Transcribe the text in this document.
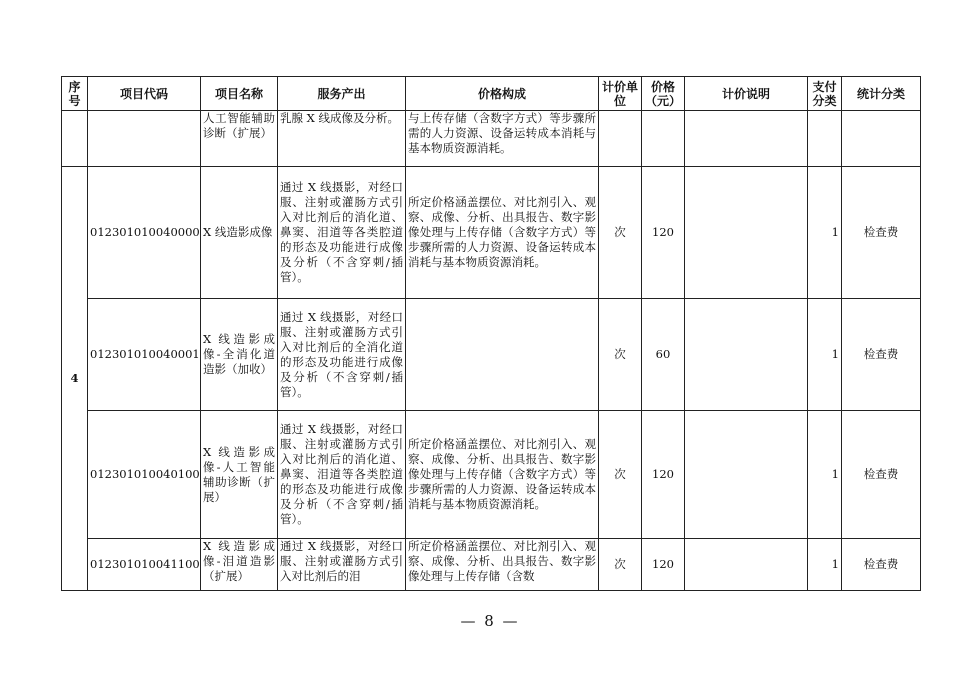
序号	项目代码	项目名称	服务产出	价格构成	计价单位	价格（元）	计价说明	支付分类	统计分类
		人工智能辅助诊断（扩展）	乳腺 X 线成像及分析。	与上传存储（含数字方式）等步骤所需的人力资源、设备运转成本消耗与基本物质资源消耗。					
4	012301010040000	X 线造影成像	通过 X 线摄影，对经口服、注射或灌肠方式引入对比剂后的消化道、鼻窦、泪道等各类腔道的形态及功能进行成像及分析（不含穿刺/插管）。	所定价格涵盖摆位、对比剂引入、观察、成像、分析、出具报告、数字影像处理与上传存储（含数字方式）等步骤所需的人力资源、设备运转成本消耗与基本物质资源消耗。	次	120		1	检查费
	012301010040001	X 线造影成像-全消化道造影（加收）	通过 X 线摄影，对经口服、注射或灌肠方式引入对比剂后的全消化道的形态及功能进行成像及分析（不含穿刺/插管）。		次	60		1	检查费
	012301010040100	X 线造影成像-人工智能辅助诊断（扩展）	通过 X 线摄影，对经口服、注射或灌肠方式引入对比剂后的消化道、鼻窦、泪道等各类腔道的形态及功能进行成像及分析（不含穿刺/插管）。	所定价格涵盖摆位、对比剂引入、观察、成像、分析、出具报告、数字影像处理与上传存储（含数字方式）等步骤所需的人力资源、设备运转成本消耗与基本物质资源消耗。	次	120		1	检查费
	012301010041100	X 线造影成像-泪道造影（扩展）	通过 X 线摄影，对经口服、注射或灌肠方式引入对比剂后的泪	所定价格涵盖摆位、对比剂引入、观察、成像、分析、出具报告、数字影像处理与上传存储（含数	次	120		1	检查费
— 8 —
